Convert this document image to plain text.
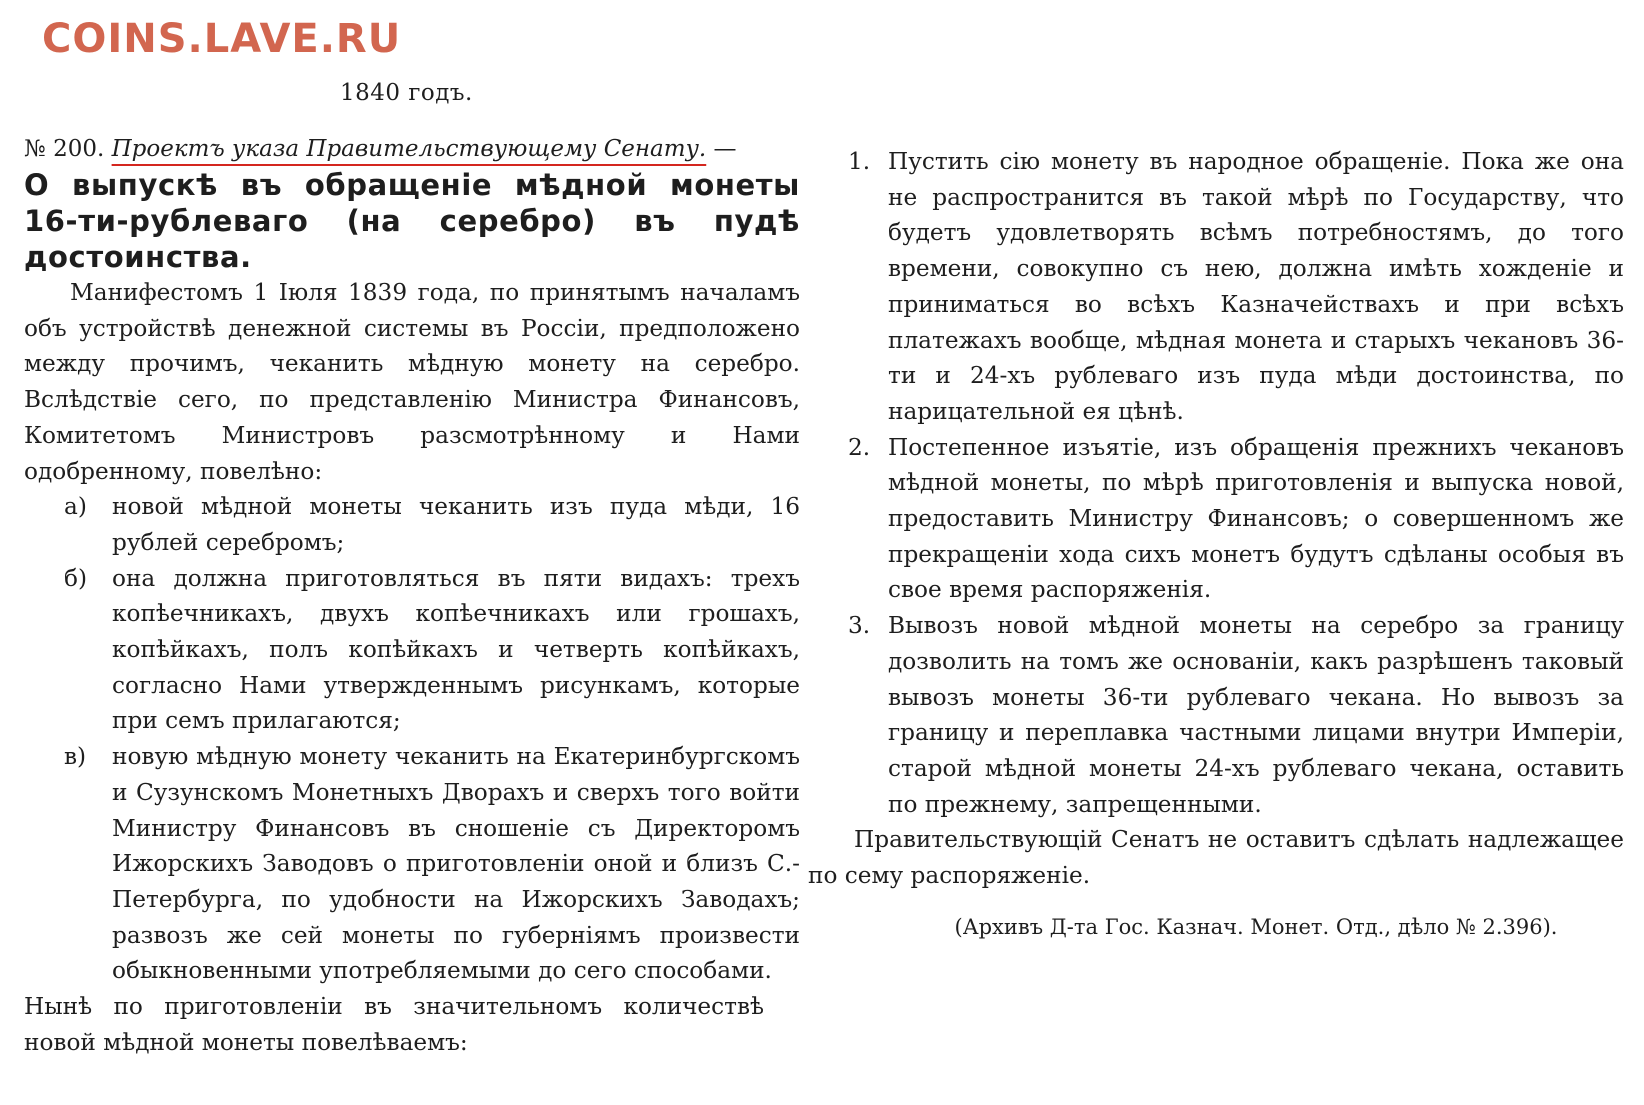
COINS.LAVE.RU
1840 годъ.

№ 200. Проектъ указа Правительствующему Сенату. —

О выпускѣ въ обращеніе мѣдной монеты 16-ти-рублеваго (на серебро) въ пудѣ достоинства.

Манифестомъ 1 Іюля 1839 года, по принятымъ началамъ объ устройствѣ денежной системы въ Россіи, предположено между прочимъ, чеканить мѣдную монету на серебро. Вслѣдствіе сего, по представленію Министра Финансовъ, Комитетомъ Министровъ разсмотрѣнному и Нами одобренному, повелѣно:

а)	новой мѣдной монеты чеканить изъ пуда мѣди, 16 рублей серебромъ;
б)	она должна приготовляться въ пяти видахъ: трехъ копѣечникахъ, двухъ копѣечникахъ или грошахъ, копѣйкахъ, полъ копѣйкахъ и четверть копѣйкахъ, согласно Нами утвержденнымъ рисункамъ, которые при семъ прилагаются;
в)	новую мѣдную монету чеканить на Екатеринбургскомъ и Сузунскомъ Монетныхъ Дворахъ и сверхъ того войти Министру Финансовъ въ сношеніе съ Директоромъ Ижорскихъ Заводовъ о приготовленіи оной и близъ С.-Петербурга, по удобности на Ижорскихъ Заводахъ; развозъ же сей монеты по губерніямъ произвести обыкновенными употребляемыми до сего способами.

Нынѣ по приготовленіи въ значительномъ количествѣ новой мѣдной монеты повелѣваемъ:

1. Пустить сію монету въ народное обращеніе. Пока же она не распространится въ такой мѣрѣ по Государству, что будетъ удовлетворять всѣмъ потребностямъ, до того времени, совокупно съ нею, должна имѣть хожденіе и приниматься во всѣхъ Казначействахъ и при всѣхъ платежахъ вообще, мѣдная монета и старыхъ чекановъ 36-ти и 24-хъ рублеваго изъ пуда мѣди достоинства, по нарицательной ея цѣнѣ.
2. Постепенное изъятіе, изъ обращенія прежнихъ чекановъ мѣдной монеты, по мѣрѣ приготовленія и выпуска новой, предоставить Министру Финансовъ; о совершенномъ же прекращеніи хода сихъ монетъ будутъ сдѣланы особыя въ свое время распоряженія.
3. Вывозъ новой мѣдной монеты на серебро за границу дозволить на томъ же основаніи, какъ разрѣшенъ таковый вывозъ монеты 36-ти рублеваго чекана. Но вывозъ за границу и переплавка частными лицами внутри Имперіи, старой мѣдной монеты 24-хъ рублеваго чекана, оставить по прежнему, запрещенными.

Правительствующій Сенатъ не оставитъ сдѣлать надлежащее по сему распоряженіе.

(Архивъ Д-та Гос. Казнач. Монет. Отд., дѣло № 2.396).
